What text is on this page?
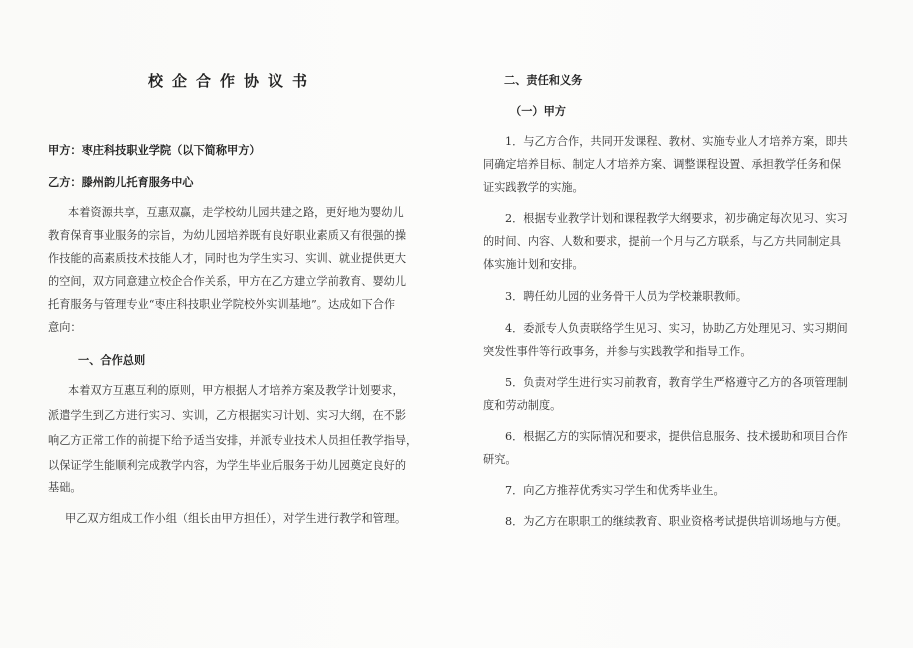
校企合作协议书
甲方：枣庄科技职业学院（以下简称甲方）
乙方：滕州韵儿托育服务中心
本着资源共享，互惠双赢，走学校幼儿园共建之路，更好地为婴幼儿
教育保育事业服务的宗旨，为幼儿园培养既有良好职业素质又有很强的操
作技能的高素质技术技能人才，同时也为学生实习、实训、就业提供更大
的空间，双方同意建立校企合作关系，甲方在乙方建立学前教育、婴幼儿
托育服务与管理专业“枣庄科技职业学院校外实训基地”。达成如下合作
意向：
一、合作总则
本着双方互惠互利的原则，甲方根据人才培养方案及教学计划要求，
派遣学生到乙方进行实习、实训，乙方根据实习计划、实习大纲，在不影
响乙方正常工作的前提下给予适当安排，并派专业技术人员担任教学指导，
以保证学生能顺利完成教学内容，为学生毕业后服务于幼儿园奠定良好的
基础。
甲乙双方组成工作小组（组长由甲方担任），对学生进行教学和管理。
二、责任和义务
（一）甲方
1．与乙方合作，共同开发课程、教材、实施专业人才培养方案，即共
同确定培养目标、制定人才培养方案、调整课程设置、承担教学任务和保
证实践教学的实施。
2．根据专业教学计划和课程教学大纲要求，初步确定每次见习、实习
的时间、内容、人数和要求，提前一个月与乙方联系，与乙方共同制定具
体实施计划和安排。
3．聘任幼儿园的业务骨干人员为学校兼职教师。
4．委派专人负责联络学生见习、实习，协助乙方处理见习、实习期间
突发性事件等行政事务，并参与实践教学和指导工作。
5．负责对学生进行实习前教育，教育学生严格遵守乙方的各项管理制
度和劳动制度。
6．根据乙方的实际情况和要求，提供信息服务、技术援助和项目合作
研究。
7．向乙方推荐优秀实习学生和优秀毕业生。
8．为乙方在职职工的继续教育、职业资格考试提供培训场地与方便。
